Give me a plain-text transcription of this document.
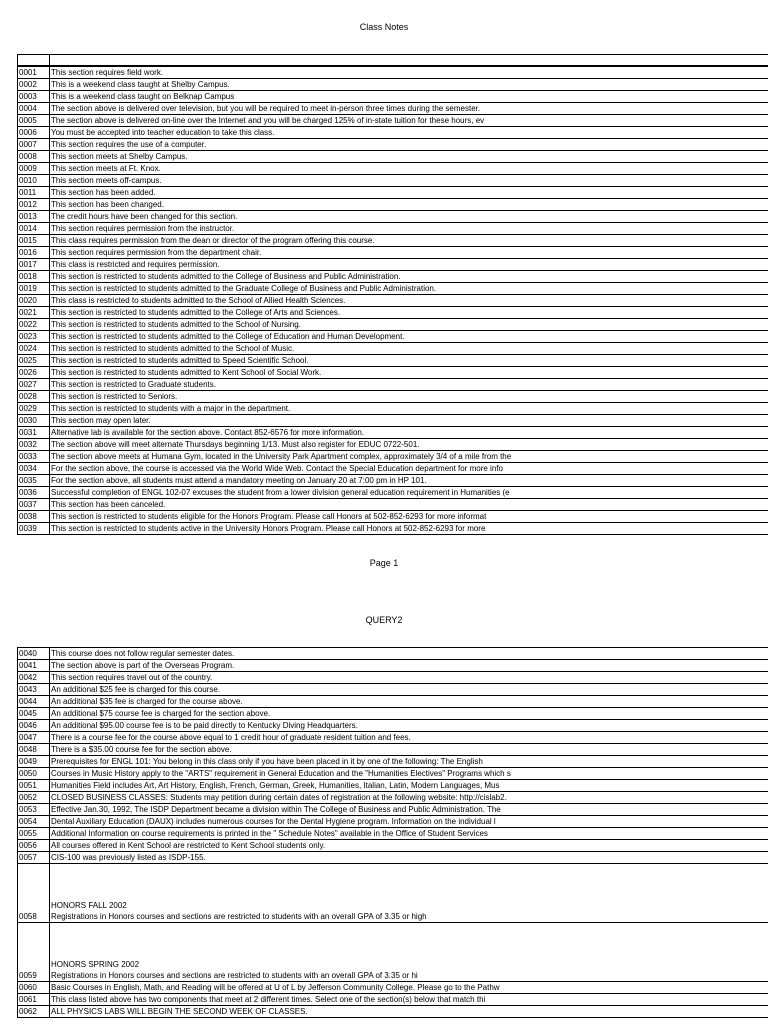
Class Notes

0001	This section requires field work.
0002	This is a weekend class taught at Shelby Campus.
0003	This is a weekend class taught on Belknap Campus
0004	The section above is delivered over television, but you will be required to meet in-person three times during the semester.
0005	The section above is delivered on-line over the Internet and you will be charged 125% of in-state tuition for these hours, ev
0006	You must be accepted into teacher education to take this class.
0007	This section requires the use of a computer.
0008	This section meets at Shelby Campus.
0009	This section meets at Ft. Knox.
0010	This section meets off-campus.
0011	This section has been added.
0012	This section has been changed.
0013	The credit hours have been changed for this section.
0014	This section requires permission from the instructor.
0015	This class requires permission from the dean or director of the program offering this course.
0016	This section requires permission from the department chair.
0017	This class is restricted and requires permission.
0018	This section is restricted to students admitted to the College of Business and Public Administration.
0019	This section is restricted to students admitted to the Graduate College of Business and Public Administration.
0020	This class is restricted to students admitted to the School of Allied Health Sciences.
0021	This section is restricted to students admitted to the College of Arts and Sciences.
0022	This section is restricted to students admitted to the School of Nursing.
0023	This section is restricted to students admitted to the College of Education and Human Development.
0024	This section is restricted to students admitted to the School of Music.
0025	This section is restricted to students admitted to Speed Scientific School.
0026	This section is restricted to students admitted to Kent School of Social Work.
0027	This section is restricted to Graduate students.
0028	This section is restricted to Seniors.
0029	This section is restricted to students with a major in the department.
0030	This section may open later.
0031	Alternative lab is available for the section above. Contact 852-6576 for more information.
0032	The section above will meet alternate Thursdays beginning 1/13. Must also register for EDUC 0722-501.
0033	The section above meets at Humana Gym, located in the University Park Apartment complex, approximately 3/4 of a mile from the
0034	For the section above, the course is accessed via the World Wide Web. Contact the Special Education department for more info
0035	For the section above, all students must attend a mandatory meeting on January 20 at 7:00 pm in HP 101.
0036	Successful completion of ENGL 102-07 excuses the student from a lower division general education requirement in Humanities (e
0037	This section has been canceled.
0038	This section is restricted to students eligible for the Honors Program. Please call Honors at 502-852-6293 for more informat
0039	This section is restricted to students active in the University Honors Program. Please call Honors at 502-852-6293 for more
Page 1
QUERY2
0040	This course does not follow regular semester dates.
0041	The section above is part of the Overseas Program.
0042	This section requires travel out of the country.
0043	An additional $25 fee is charged for this course.
0044	An additional $35 fee is charged for the course above.
0045	An additional $75 course fee is charged for the section above.
0046	An additional $95.00 course fee is to be paid directly to Kentucky Diving Headquarters.
0047	There is a course fee for the course above equal to 1 credit hour of graduate resident tuition and fees.
0048	There is a $35.00 course fee for the section above.
0049	Prerequisites for ENGL 101: You belong in this class only if you have been placed in it by one of the following: The English
0050	Courses in Music History apply to the "ARTS" requirement in General Education and the "Humanities Electives" Programs which s
0051	Humanities Field includes Art, Art History, English, French, German, Greek, Humanities, Italian, Latin, Modern Languages, Mus
0052	CLOSED BUSINESS CLASSES: Students may petition during certain dates of registration at the following website: http://cislab2.
0053	Effective Jan.30, 1992, The ISDP Department became a division within The College of Business and Public Administration. The
0054	Dental Auxiliary Education (DAUX) includes numerous courses for the Dental Hygiene program. Information on the individual l
0055	Additional Information on course requirements is printed in the " Schedule Notes" available in the Office of Student Services
0056	All courses offered in Kent School are restricted to Kent School students only.
0057	CIS-100 was previously listed as ISDP-155.
0058	HONORS FALL 2002
Registrations in Honors courses and sections are restricted to students with an overall GPA of 3.35 or high

0059	HONORS SPRING 2002
Registrations in Honors courses and sections are restricted to students with an overall GPA of 3.35 or hi

0060	Basic Courses in English, Math, and Reading will be offered at U of L by Jefferson Community College. Please go to the Pathw
0061	This class listed above has two components that meet at 2 different times. Select one of the section(s) below that match thi
0062	ALL PHYSICS LABS WILL BEGIN THE SECOND WEEK OF CLASSES.
